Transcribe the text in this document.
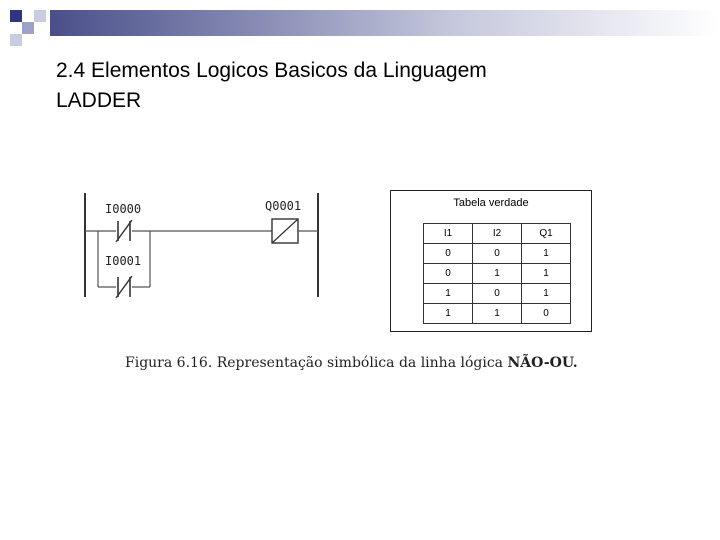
2.4 Elementos Logicos Basicos da Linguagem
LADDER
I0000	Q0001
I0001
Tabela verdade
I1	I2	Q1
0	0	1
0	1	1
1	0	1
1	1	0
Figura 6.16. Representação simbólica da linha lógica NÃO-OU.
